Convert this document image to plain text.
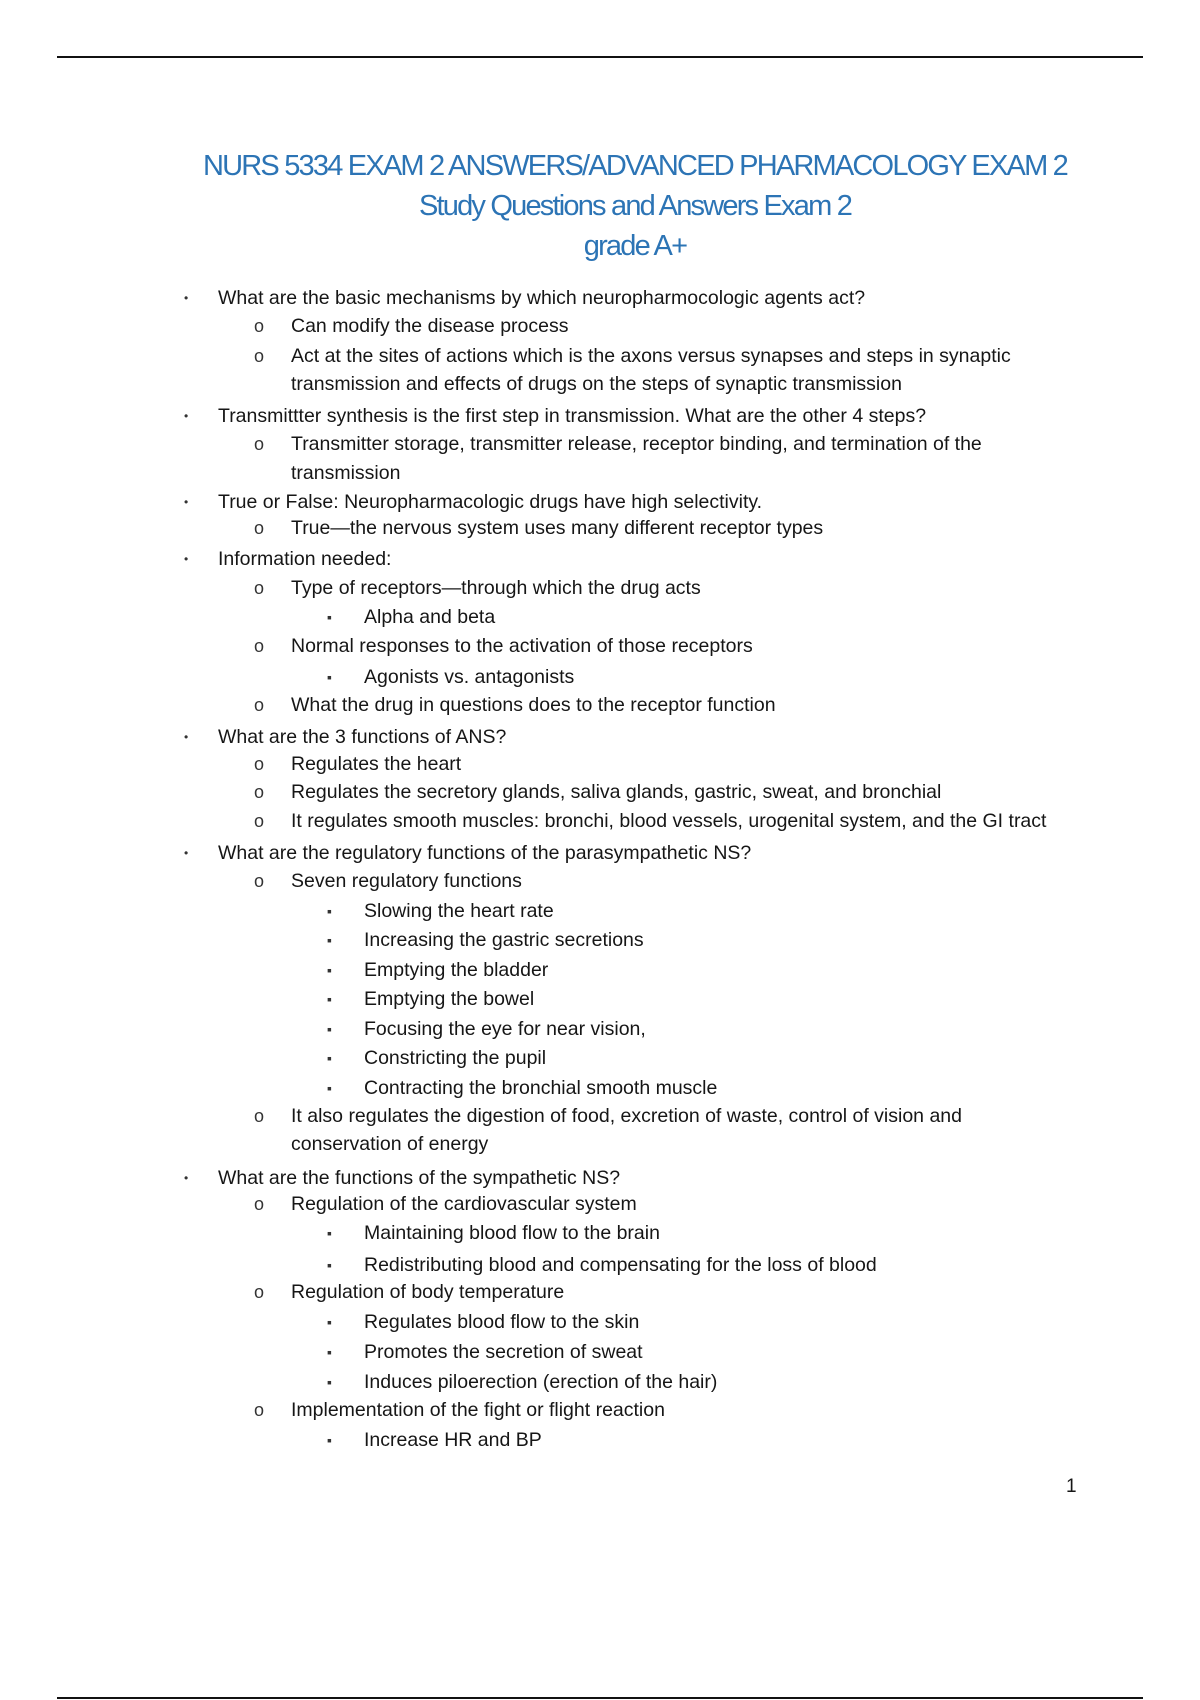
NURS 5334 EXAM 2 ANSWERS/ADVANCED PHARMACOLOGY EXAM 2
Study Questions and Answers Exam 2
grade A+
• What are the basic mechanisms by which neuropharmocologic agents act?
o Can modify the disease process
o Act at the sites of actions which is the axons versus synapses and steps in synaptic
transmission and effects of drugs on the steps of synaptic transmission
• Transmittter synthesis is the first step in transmission. What are the other 4 steps?
o Transmitter storage, transmitter release, receptor binding, and termination of the
transmission
• True or False: Neuropharmacologic drugs have high selectivity.
o True—the nervous system uses many different receptor types
• Information needed:
o Type of receptors—through which the drug acts
▪ Alpha and beta
o Normal responses to the activation of those receptors
▪ Agonists vs. antagonists
o What the drug in questions does to the receptor function
• What are the 3 functions of ANS?
o Regulates the heart
o Regulates the secretory glands, saliva glands, gastric, sweat, and bronchial
o It regulates smooth muscles: bronchi, blood vessels, urogenital system, and the GI tract
• What are the regulatory functions of the parasympathetic NS?
o Seven regulatory functions
▪ Slowing the heart rate
▪ Increasing the gastric secretions
▪ Emptying the bladder
▪ Emptying the bowel
▪ Focusing the eye for near vision,
▪ Constricting the pupil
▪ Contracting the bronchial smooth muscle
o It also regulates the digestion of food, excretion of waste, control of vision and
conservation of energy
• What are the functions of the sympathetic NS?
o Regulation of the cardiovascular system
▪ Maintaining blood flow to the brain
▪ Redistributing blood and compensating for the loss of blood
o Regulation of body temperature
▪ Regulates blood flow to the skin
▪ Promotes the secretion of sweat
▪ Induces piloerection (erection of the hair)
o Implementation of the fight or flight reaction
▪ Increase HR and BP
1
